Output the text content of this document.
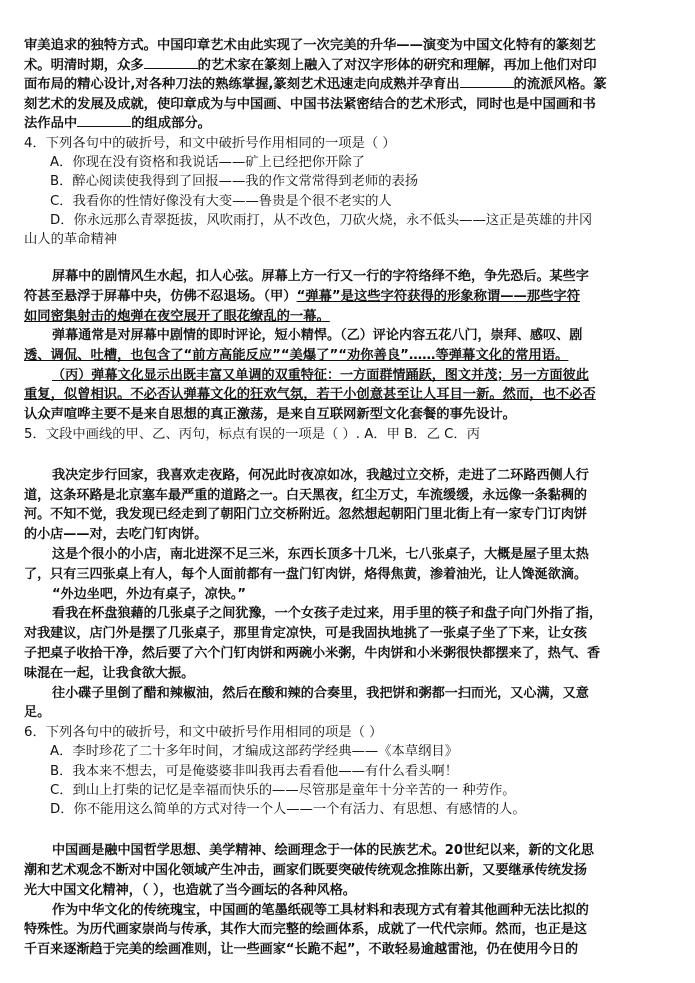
审美追求的独特方式。中国印章艺术由此实现了一次完美的升华——演变为中国文化特有的篆刻艺

术。明清时期，众多	的艺术家在篆刻上融入了对汉字形体的研究和理解，再加上他们对印

面布局的精心设计,对各种刀法的熟练掌握,篆刻艺术迅速走向成熟并孕育出	的流派风格。篆

刻艺术的发展及成就，使印章成为与中国画、中国书法紧密结合的艺术形式，同时也是中国画和书

法作品中	的组成部分。

4．下列各句中的破折号，和文中破折号作用相同的一项是（ ）

A．你现在没有资格和我说话——矿上已经把你开除了

B．醉心阅读使我得到了回报——我的作文常常得到老师的表扬

C．我看你的性情好像没有大变——鲁贵是个很不老实的人

D．你永远那么青翠挺拔，风吹雨打，从不改色，刀砍火烧，永不低头——这正是英雄的井冈

山人的革命精神

屏幕中的剧情风生水起，扣人心弦。屏幕上方一行又一行的字符络绎不绝，争先恐后。某些字

符甚至悬浮于屏幕中央，仿佛不忍退场。（甲）“弹幕”是这些字符获得的形象称谓——那些字符

如同密集射击的炮弹在夜空展开了眼花缭乱的一幕。

弹幕通常是对屏幕中剧情的即时评论，短小精悍。（乙）评论内容五花八门，崇拜、感叹、剧

透、调侃、吐槽，也包含了“前方高能反应”“美爆了”“劝你善良”……等弹幕文化的常用语。

（丙）弹幕文化显示出既丰富又单调的双重特征：一方面群情踊跃，图文并茂；另一方面彼此

重复，似曾相识。不必否认弹幕文化的狂欢气氛，若干小创意甚至让人耳目一新。然而，也不必否

认众声喧哗主要不是来自思想的真正激荡，是来自互联网新型文化套餐的事先设计。

5．文段中画线的甲、乙、丙句，标点有误的一项是（ ）. A．甲 B．乙 C．丙

我决定步行回家，我喜欢走夜路，何况此时夜凉如冰，我越过立交桥，走进了二环路西侧人行

道，这条环路是北京塞车最严重的道路之一。白天黑夜，红尘万丈，车流缓缓，永远像一条黏稠的

河。不知不觉，我发现已经走到了朝阳门立交桥附近。忽然想起朝阳门里北街上有一家专门订肉饼

的小店——对，去吃门钉肉饼。

这是个很小的小店，南北进深不足三米，东西长顶多十几米，七八张桌子，大概是屋子里太热

了，只有三四张桌上有人，每个人面前都有一盘门钉肉饼，烙得焦黄，渗着油光，让人馋涎欲滴。

“外边坐吧，外边有桌子，凉快。”

看我在杯盘狼藉的几张桌子之间犹豫，一个女孩子走过来，用手里的筷子和盘子向门外指了指，

对我建议，店门外是摆了几张桌子，那里肯定凉快，可是我固执地挑了一张桌子坐了下来，让女孩

子把桌子收拾干净，然后要了六个门钉肉饼和两碗小米粥，牛肉饼和小米粥很快都摆来了，热气、香

味混在一起，让我食欲大振。

往小碟子里倒了醋和辣椒油，然后在酸和辣的合奏里，我把饼和粥都一扫而光，又心满，又意

足。

6．下列各句中的破折号，和文中破折号作用相同的项是（ ）

A．李时珍花了二十多年时间，才编成这部药学经典——《本草纲目》

B．我本来不想去，可是俺婆婆非叫我再去看看他——有什么看头啊！

C．到山上打柴的记忆是幸福而快乐的——尽管那是童年十分辛苦的一 种劳作。

D．你不能用这么简单的方式对待一个人——一个有活力、有思想、有感情的人。

中国画是融中国哲学思想、美学精神、绘画理念于一体的民族艺术。20世纪以来，新的文化思

潮和艺术观念不断对中国化领域产生冲击，画家们既要突破传统观念推陈出新，又要继承传统发扬

光大中国文化精神，（ ），也造就了当今画坛的各种风格。

作为中华文化的传统瑰宝，中国画的笔墨纸砚等工具材料和表现方式有着其他画种无法比拟的

特殊性。为历代画家崇尚与传承，其作大而完整的绘画体系，成就了一代代宗师。然而，也正是这

千百来逐渐趋于完美的绘画准则，让一些画家“长跪不起”，不敢轻易逾越雷池，仍在使用今日的
